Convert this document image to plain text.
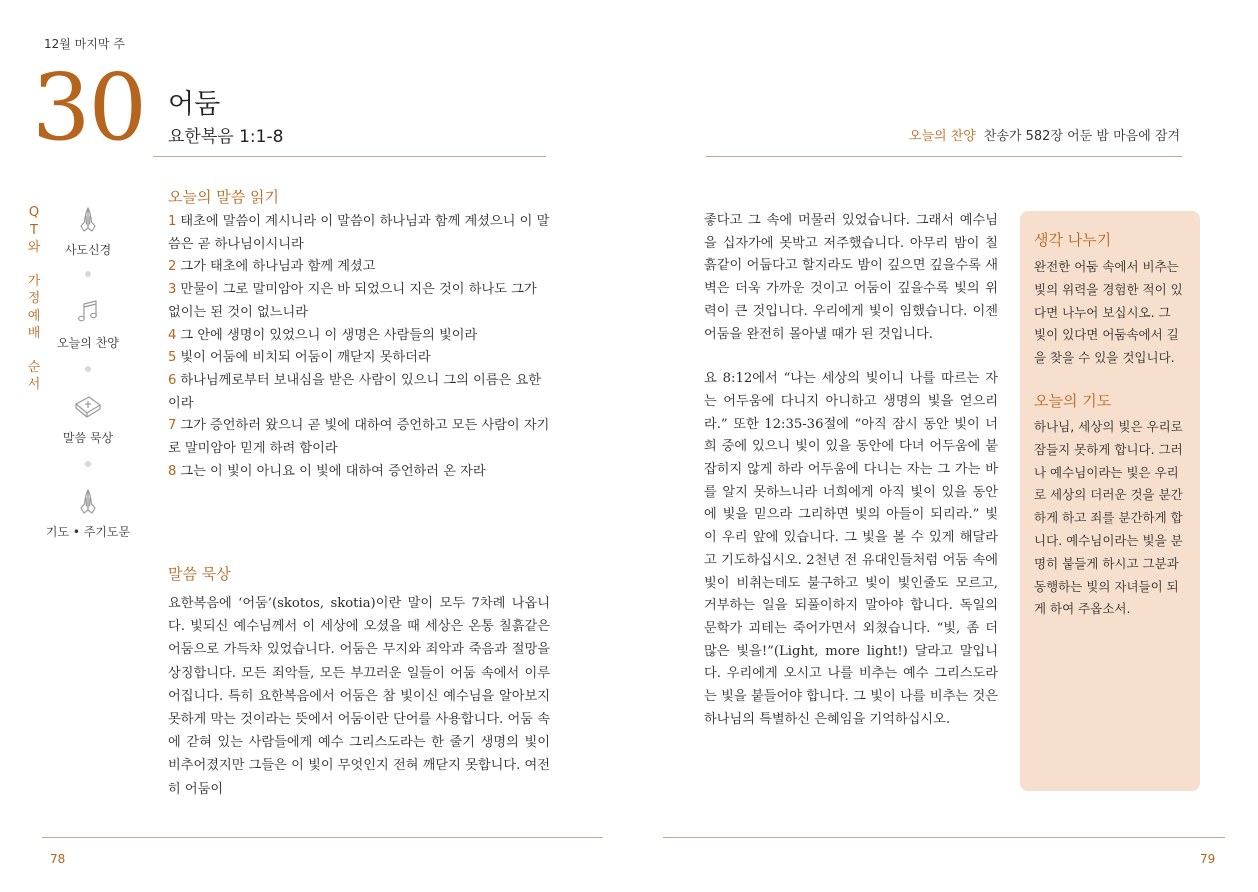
12월 마지막 주
30 어둠
요한복음 1:1-8	오늘의 찬양 찬송가 582장 어둔 밤 마음에 잠겨
Q
T
와
가
정
예
배
순
서
사도신경
오늘의 찬양
말씀 묵상
기도 • 주기도문
오늘의 말씀 읽기
1 태초에 말씀이 계시니라 이 말씀이 하나님과 함께 계셨으니 이 말씀은 곧 하나님이시니라
2 그가 태초에 하나님과 함께 계셨고
3 만물이 그로 말미암아 지은 바 되었으니 지은 것이 하나도 그가 없이는 된 것이 없느니라
4 그 안에 생명이 있었으니 이 생명은 사람들의 빛이라
5 빛이 어둠에 비치되 어둠이 깨닫지 못하더라
6 하나님께로부터 보내심을 받은 사람이 있으니 그의 이름은 요한이라
7 그가 증언하러 왔으니 곧 빛에 대하여 증언하고 모든 사람이 자기로 말미암아 믿게 하려 함이라
8 그는 이 빛이 아니요 이 빛에 대하여 증언하러 온 자라
말씀 묵상
요한복음에 ‘어둠’(skotos, skotia)이란 말이 모두 7차례 나옵니다. 빛되신 예수님께서 이 세상에 오셨을 때 세상은 온통 칠흙같은 어둠으로 가득차 있었습니다. 어둠은 무지와 죄악과 죽음과 절망을 상징합니다. 모든 죄악들, 모든 부끄러운 일들이 어둠 속에서 이루어집니다. 특히 요한복음에서 어둠은 참 빛이신 예수님을 알아보지 못하게 막는 것이라는 뜻에서 어둠이란 단어를 사용합니다. 어둠 속에 갇혀 있는 사람들에게 예수 그리스도라는 한 줄기 생명의 빛이 비추어졌지만 그들은 이 빛이 무엇인지 전혀 깨닫지 못합니다. 여전히 어둠이

좋다고 그 속에 머물러 있었습니다. 그래서 예수님을 십자가에 못박고 저주했습니다. 아무리 밤이 칠흙같이 어둡다고 할지라도 밤이 깊으면 깊을수록 새벽은 더욱 가까운 것이고 어둠이 깊을수록 빛의 위력이 큰 것입니다. 우리에게 빛이 임했습니다. 이젠 어둠을 완전히 몰아낼 때가 된 것입니다.

요 8:12에서 “나는 세상의 빛이니 나를 따르는 자는 어두움에 다니지 아니하고 생명의 빛을 얻으리라.” 또한 12:35-36절에 “아직 잠시 동안 빛이 너희 중에 있으니 빛이 있을 동안에 다녀 어두움에 붙잡히지 않게 하라 어두움에 다니는 자는 그 가는 바를 알지 못하느니라 너희에게 아직 빛이 있을 동안에 빛을 믿으라 그리하면 빛의 아들이 되리라.” 빛이 우리 앞에 있습니다. 그 빛을 볼 수 있게 해달라고 기도하십시오. 2천년 전 유대인들처럼 어둠 속에 빛이 비취는데도 불구하고 빛이 빛인줄도 모르고, 거부하는 일을 되풀이하지 말아야 합니다. 독일의 문학가 괴테는 죽어가면서 외쳤습니다. “빛, 좀 더 많은 빛을!”(Light, more light!) 달라고 말입니다. 우리에게 오시고 나를 비추는 예수 그리스도라는 빛을 붙들어야 합니다. 그 빛이 나를 비추는 것은 하나님의 특별하신 은혜임을 기억하십시오.

생각 나누기
완전한 어둠 속에서 비추는 빛의 위력을 경험한 적이 있다면 나누어 보십시오. 그 빛이 있다면 어둠속에서 길을 찾을 수 있을 것입니다.
오늘의 기도
하나님, 세상의 빛은 우리로 잠들지 못하게 합니다. 그러나 예수님이라는 빛은 우리로 세상의 더러운 것을 분간하게 하고 죄를 분간하게 합니다. 예수님이라는 빛을 분명히 붙들게 하시고 그분과 동행하는 빛의 자녀들이 되게 하여 주옵소서.
78	79
